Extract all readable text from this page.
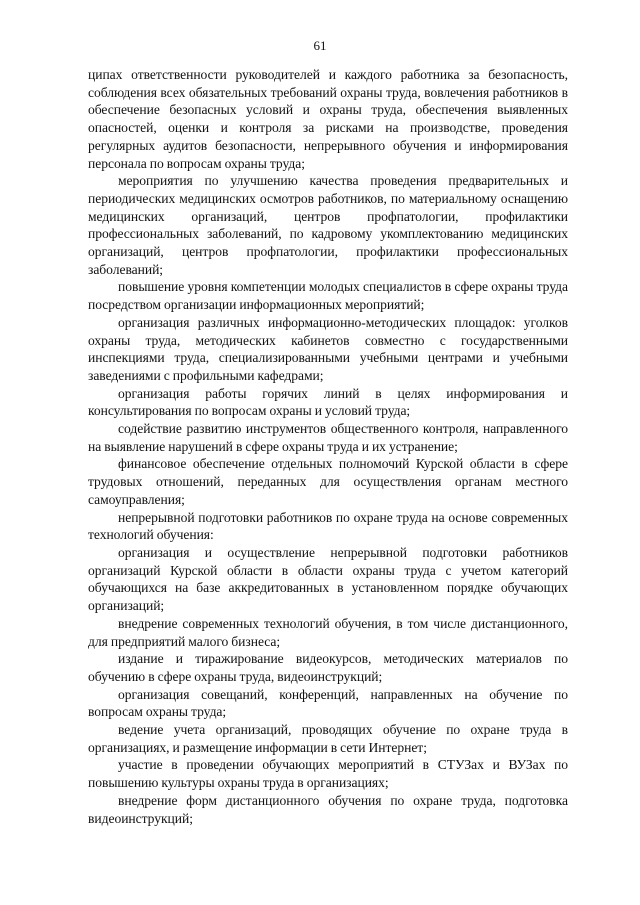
61

ципах ответственности руководителей и каждого работника за безопасность, соблюдения всех обязательных требований охраны труда, вовлечения работников в обеспечение безопасных условий и охраны труда, обеспечения выявленных опасностей, оценки и контроля за рисками на производстве, проведения регулярных аудитов безопасности, непрерывного обучения и информирования персонала по вопросам охраны труда;

мероприятия по улучшению качества проведения предварительных и периодических медицинских осмотров работников, по материальному оснащению медицинских организаций, центров профпатологии, профилактики профессиональных заболеваний, по кадровому укомплектованию медицинских организаций, центров профпатологии, профилактики профессиональных заболеваний;

повышение уровня компетенции молодых специалистов в сфере охраны труда посредством организации информационных мероприятий;

организация различных информационно-методических площадок: уголков охраны труда, методических кабинетов совместно с государственными инспекциями труда, специализированными учебными центрами и учебными заведениями с профильными кафедрами;

организация работы горячих линий в целях информирования и консультирования по вопросам охраны и условий труда;

содействие развитию инструментов общественного контроля, направленного на выявление нарушений в сфере охраны труда и их устранение;

финансовое обеспечение отдельных полномочий Курской области в сфере трудовых отношений, переданных для осуществления органам местного самоуправления;

непрерывной подготовки работников по охране труда на основе современных технологий обучения:

организация и осуществление непрерывной подготовки работников организаций Курской области в области охраны труда с учетом категорий обучающихся на базе аккредитованных в установленном порядке обучающих организаций;

внедрение современных технологий обучения, в том числе дистанционного, для предприятий малого бизнеса;

издание и тиражирование видеокурсов, методических материалов по обучению в сфере охраны труда, видеоинструкций;

организация совещаний, конференций, направленных на обучение по вопросам охраны труда;

ведение учета организаций, проводящих обучение по охране труда в организациях, и размещение информации в сети Интернет;

участие в проведении обучающих мероприятий в СТУЗах и ВУЗах по повышению культуры охраны труда в организациях;

внедрение форм дистанционного обучения по охране труда, подготовка видеоинструкций;
